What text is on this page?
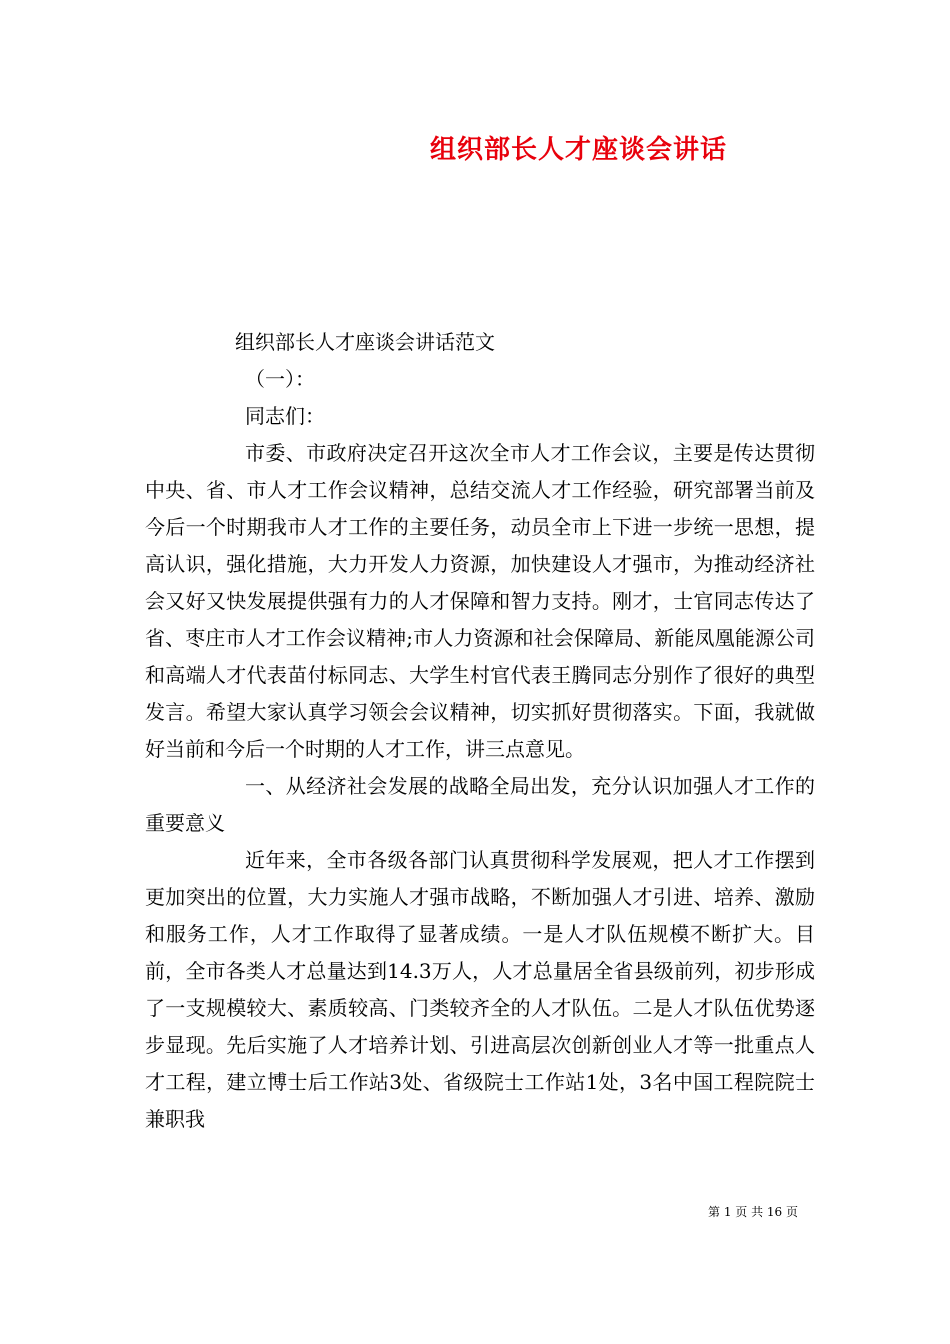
组织部长人才座谈会讲话

组织部长人才座谈会讲话范文

（一）：

同志们：

市委、市政府决定召开这次全市人才工作会议，主要是传达贯彻中央、省、市人才工作会议精神，总结交流人才工作经验，研究部署当前及今后一个时期我市人才工作的主要任务，动员全市上下进一步统一思想，提高认识，强化措施，大力开发人力资源，加快建设人才强市，为推动经济社会又好又快发展提供强有力的人才保障和智力支持。刚才，士官同志传达了省、枣庄市人才工作会议精神;市人力资源和社会保障局、新能凤凰能源公司和高端人才代表苗付标同志、大学生村官代表王腾同志分别作了很好的典型发言。希望大家认真学习领会会议精神，切实抓好贯彻落实。下面，我就做好当前和今后一个时期的人才工作，讲三点意见。

一、从经济社会发展的战略全局出发，充分认识加强人才工作的重要意义

近年来，全市各级各部门认真贯彻科学发展观，把人才工作摆到更加突出的位置，大力实施人才强市战略，不断加强人才引进、培养、激励和服务工作，人才工作取得了显著成绩。一是人才队伍规模不断扩大。目前，全市各类人才总量达到14.3万人，人才总量居全省县级前列，初步形成了一支规模较大、素质较高、门类较齐全的人才队伍。二是人才队伍优势逐步显现。先后实施了人才培养计划、引进高层次创新创业人才等一批重点人才工程，建立博士后工作站3处、省级院士工作站1处，3名中国工程院院士兼职我

第 1 页 共 16 页
